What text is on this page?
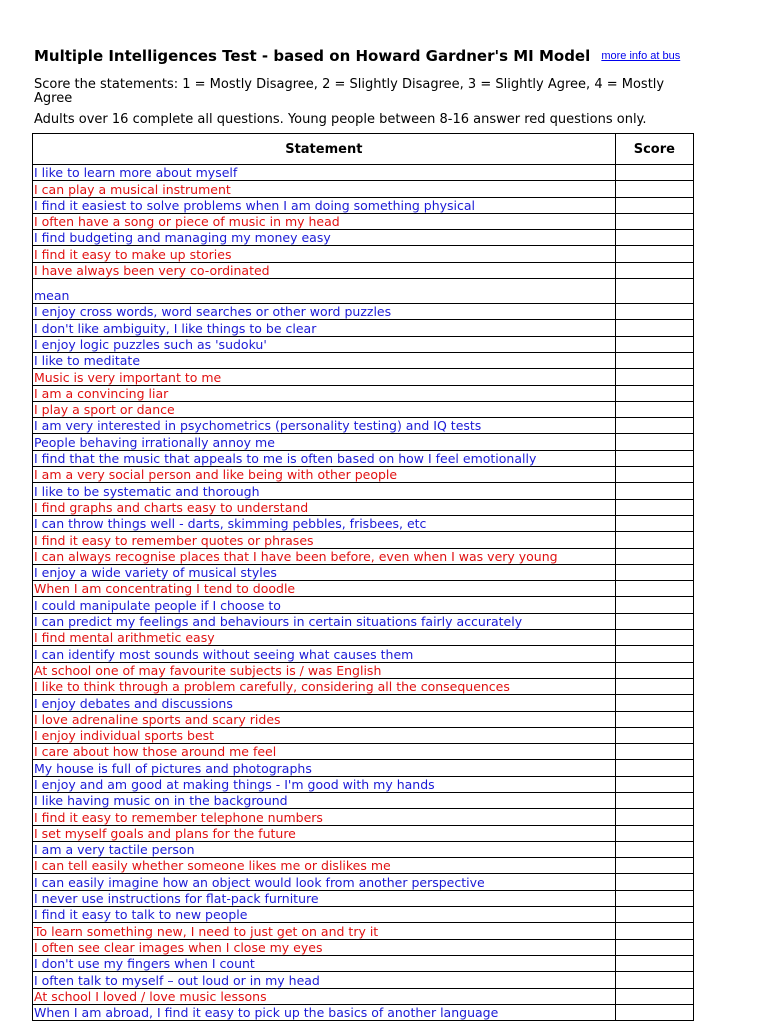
Multiple Intelligences Test - based on Howard Gardner's MI Model more info at bus
Score the statements: 1 = Mostly Disagree, 2 = Slightly Disagree, 3 = Slightly Agree, 4 = Mostly Agree
Adults over 16 complete all questions. Young people between 8-16 answer red questions only.
Statement	Score
I like to learn more about myself	
I can play a musical instrument	
I find it easiest to solve problems when I am doing something physical	
I often have a song or piece of music in my head	
I find budgeting and managing my money easy	
I find it easy to make up stories	
I have always been very co-ordinated	
mean	
I enjoy cross words, word searches or other word puzzles	
I don't like ambiguity, I like things to be clear	
I enjoy logic puzzles such as 'sudoku'	
I like to meditate	
Music is very important to me	
I am a convincing liar	
I play a sport or dance	
I am very interested in psychometrics (personality testing) and IQ tests	
People behaving irrationally annoy me	
I find that the music that appeals to me is often based on how I feel emotionally	
I am a very social person and like being with other people	
I like to be systematic and thorough	
I find graphs and charts easy to understand	
I can throw things well - darts, skimming pebbles, frisbees, etc	
I find it easy to remember quotes or phrases	
I can always recognise places that I have been before, even when I was very young	
I enjoy a wide variety of musical styles	
When I am concentrating I tend to doodle	
I could manipulate people if I choose to	
I can predict my feelings and behaviours in certain situations fairly accurately	
I find mental arithmetic easy	
I can identify most sounds without seeing what causes them	
At school one of may favourite subjects is / was English	
I like to think through a problem carefully, considering all the consequences	
I enjoy debates and discussions	
I love adrenaline sports and scary rides	
I enjoy individual sports best	
I care about how those around me feel	
My house is full of pictures and photographs	
I enjoy and am good at making things - I'm good with my hands	
I like having music on in the background	
I find it easy to remember telephone numbers	
I set myself goals and plans for the future	
I am a very tactile person	
I can tell easily whether someone likes me or dislikes me	
I can easily imagine how an object would look from another perspective	
I never use instructions for flat-pack furniture	
I find it easy to talk to new people	
To learn something new, I need to just get on and try it	
I often see clear images when I close my eyes	
I don't use my fingers when I count	
I often talk to myself – out loud or in my head	
At school I loved / love music lessons	
When I am abroad, I find it easy to pick up the basics of another language	
